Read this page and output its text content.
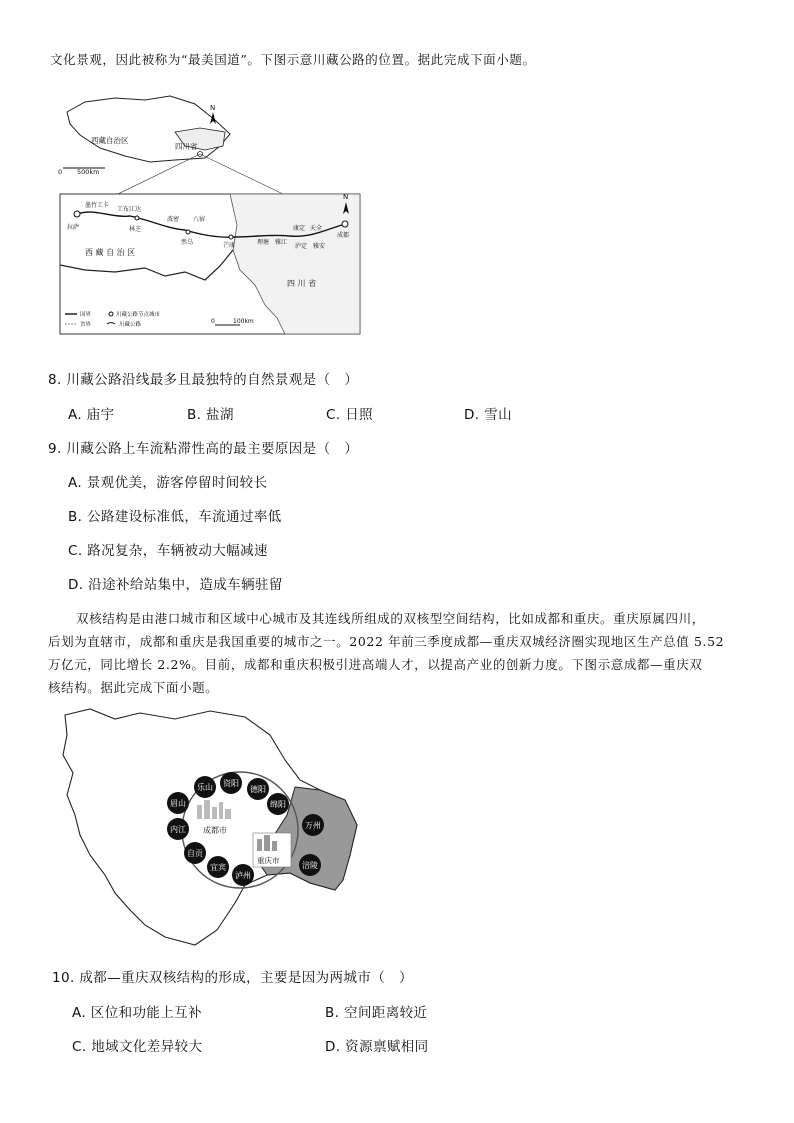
文化景观，因此被称为“最美国道”。下图示意川藏公路的位置。据此完成下面小题。
西藏自治区
四川省
N
0 500km
拉萨
墨竹工卡
工布江达
林芝
波密 八宿
然乌	芒康	理塘 雅江
康定 天全
泸定 雅安
成都
N
西 藏 自 治 区
四 川 省
国界
省界
川藏公路节点城市
川藏公路	0	100km
8. 川藏公路沿线最多且最独特的自然景观是（　）
A. 庙宇	B. 盐湖	C. 日照	D. 雪山
9. 川藏公路上车流粘滞性高的最主要原因是（　）
A. 景观优美，游客停留时间较长
B. 公路建设标准低，车流通过率低
C. 路况复杂，车辆被动大幅减速
D. 沿途补给站集中，造成车辆驻留
双核结构是由港口城市和区域中心城市及其连线所组成的双核型空间结构，比如成都和重庆。重庆原属四川，
后划为直辖市，成都和重庆是我国重要的城市之一。2022 年前三季度成都—重庆双城经济圈实现地区生产总值 5.52
万亿元，同比增长 2.2%。目前，成都和重庆积极引进高端人才，以提高产业的创新力度。下图示意成都—重庆双
核结构。据此完成下面小题。
成都市
重庆市
乐山 资阳
德阳
绵阳
眉山
内江
自贡
宜宾
泸州
万州
涪陵
10. 成都—重庆双核结构的形成，主要是因为两城市（　）
A. 区位和功能上互补	B. 空间距离较近
C. 地域文化差异较大	D. 资源禀赋相同
